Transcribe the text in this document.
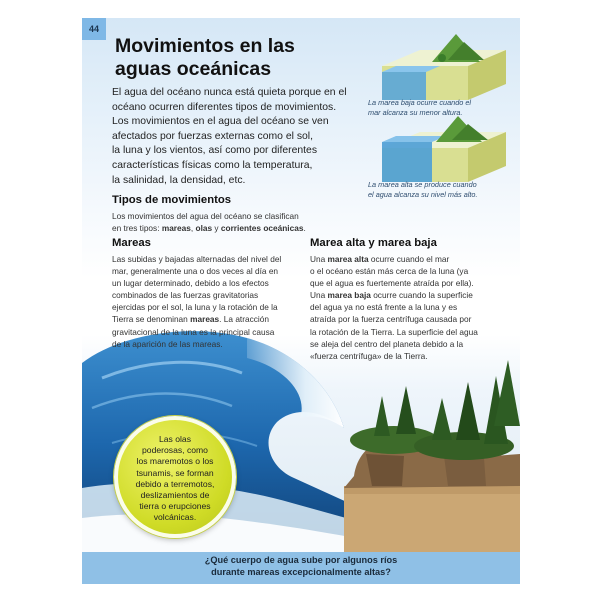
44
Movimientos en las
aguas oceánicas

La marea baja ocurre cuando el
mar alcanza su menor altura.

La marea alta se produce cuando
el agua alcanza su nivel más alto.

El agua del océano nunca está quieta porque en el
océano ocurren diferentes tipos de movimientos.
Los movimientos en el agua del océano se ven
afectados por fuerzas externas como el sol,
la luna y los vientos, así como por diferentes
características físicas como la temperatura,
la salinidad, la densidad, etc.

Tipos de movimientos

Los movimientos del agua del océano se clasifican
en tres tipos: mareas, olas y corrientes oceánicas.

Mareas

Las subidas y bajadas alternadas del nivel del
mar, generalmente una o dos veces al día en
un lugar determinado, debido a los efectos
combinados de las fuerzas gravitatorias
ejercidas por el sol, la luna y la rotación de la
Tierra se denominan mareas. La atracción
gravitacional de la luna es la principal causa
de la aparición de las mareas.

Marea alta y marea baja

Una marea alta ocurre cuando el mar
o el océano están más cerca de la luna (ya
que el agua es fuertemente atraída por ella).
Una marea baja ocurre cuando la superficie
del agua ya no está frente a la luna y es
atraída por la fuerza centrífuga causada por
la rotación de la Tierra. La superficie del agua
se aleja del centro del planeta debido a la
«fuerza centrífuga» de la Tierra.

Las olas
poderosas, como
los maremotos o los
tsunamis, se forman
debido a terremotos,
deslizamientos de
tierra o erupciones
volcánicas.

¿Qué cuerpo de agua sube por algunos ríos
durante mareas excepcionalmente altas?
